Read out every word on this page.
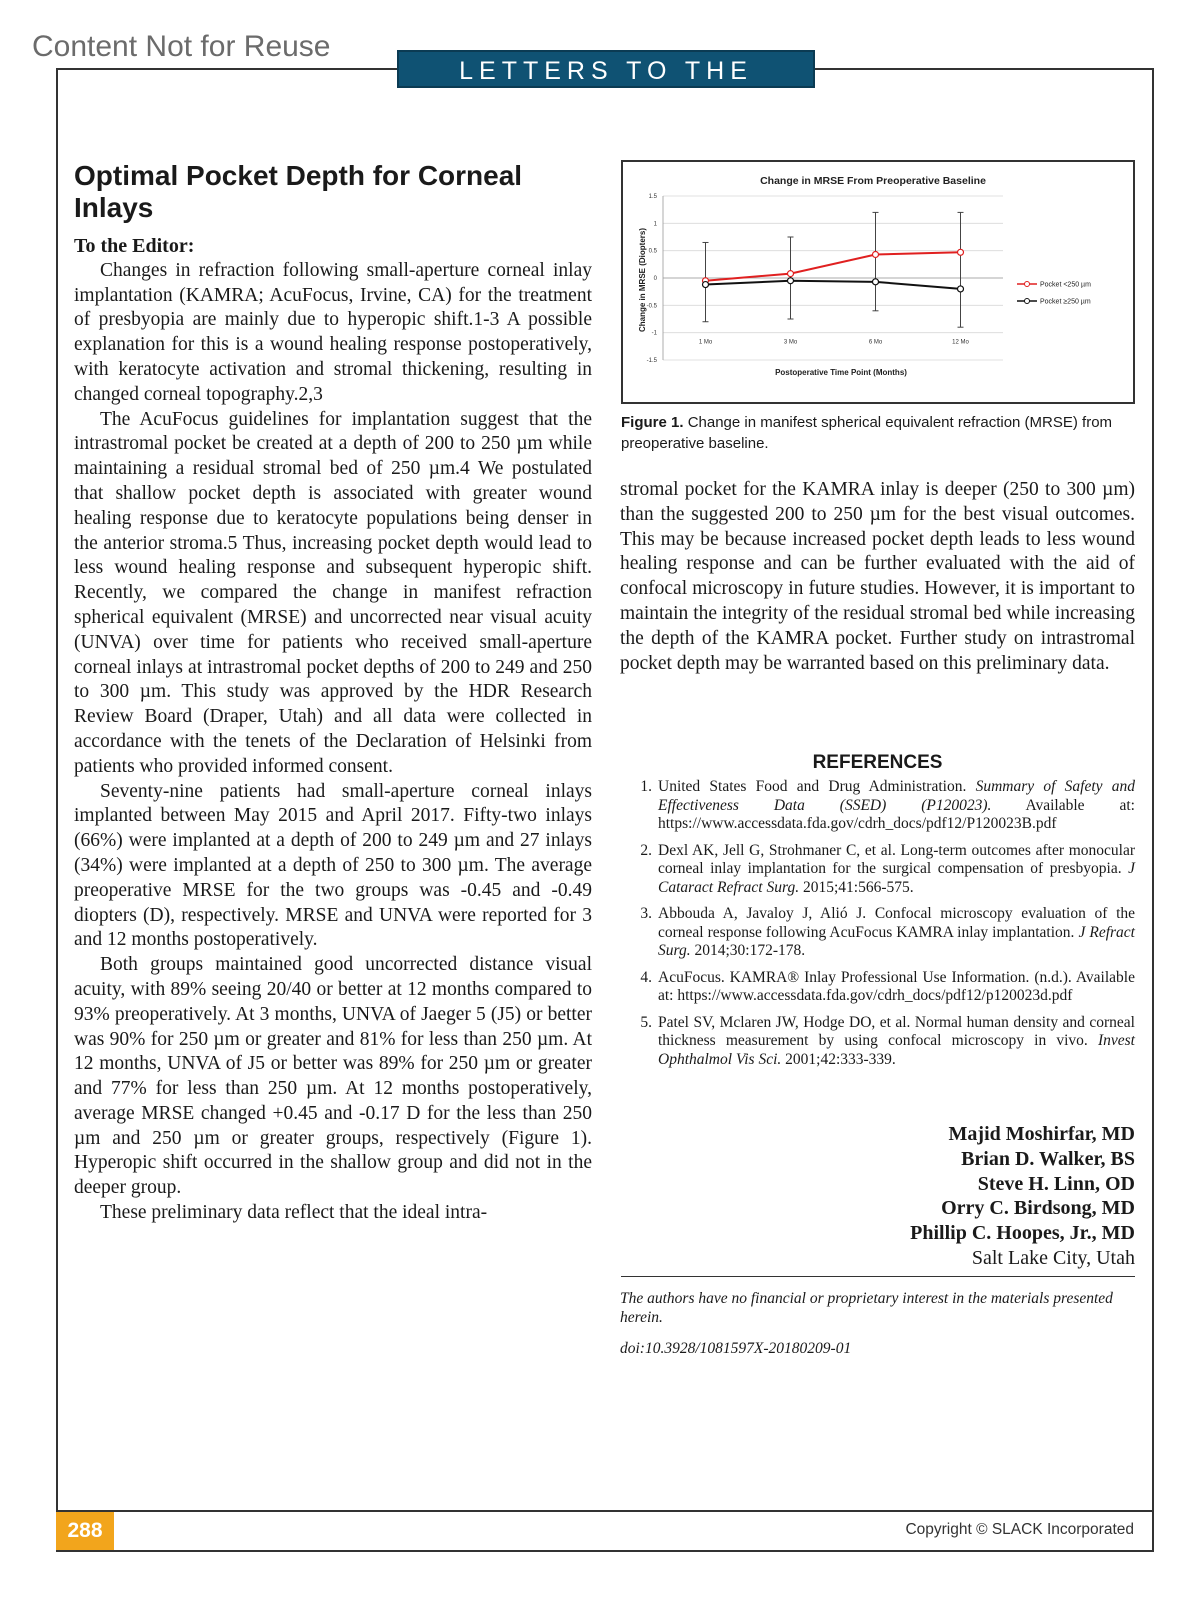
Content Not for Reuse
LETTERS TO THE EDITOR
Optimal Pocket Depth for Corneal Inlays

To the Editor:

Changes in refraction following small-aperture corneal inlay implantation (KAMRA; AcuFocus, Irvine, CA) for the treatment of presbyopia are mainly due to hyperopic shift.1-3 A possible explanation for this is a wound healing response postoperatively, with keratocyte activation and stromal thickening, resulting in changed corneal topography.2,3

The AcuFocus guidelines for implantation suggest that the intrastromal pocket be created at a depth of 200 to 250 µm while maintaining a residual stromal bed of 250 µm.4 We postulated that shallow pocket depth is associated with greater wound healing response due to keratocyte populations being denser in the anterior stroma.5 Thus, increasing pocket depth would lead to less wound healing response and subsequent hyperopic shift. Recently, we compared the change in manifest refraction spherical equivalent (MRSE) and uncorrected near visual acuity (UNVA) over time for patients who received small-aperture corneal inlays at intrastromal pocket depths of 200 to 249 and 250 to 300 µm. This study was approved by the HDR Research Review Board (Draper, Utah) and all data were collected in accordance with the tenets of the Declaration of Helsinki from patients who provided informed consent.

Seventy-nine patients had small-aperture corneal inlays implanted between May 2015 and April 2017. Fifty-two inlays (66%) were implanted at a depth of 200 to 249 µm and 27 inlays (34%) were implanted at a depth of 250 to 300 µm. The average preoperative MRSE for the two groups was -0.45 and -0.49 diopters (D), respectively. MRSE and UNVA were reported for 3 and 12 months postoperatively.

Both groups maintained good uncorrected distance visual acuity, with 89% seeing 20/40 or better at 12 months compared to 93% preoperatively. At 3 months, UNVA of Jaeger 5 (J5) or better was 90% for 250 µm or greater and 81% for less than 250 µm. At 12 months, UNVA of J5 or better was 89% for 250 µm or greater and 77% for less than 250 µm. At 12 months postoperatively, average MRSE changed +0.45 and -0.17 D for the less than 250 µm and 250 µm or greater groups, respectively (Figure 1). Hyperopic shift occurred in the shallow group and did not in the deeper group.

These preliminary data reflect that the ideal intra-

Change in MRSE From Preoperative Baseline
Change in MRSE (Diopters)
Postoperative Time Point (Months)
1.5
1
0.5
0
-0.5
-1
-1.5
1 Mo	3 Mo	6 Mo	12 Mo
Pocket <250 µm
Pocket ≥250 µm
Figure 1. Change in manifest spherical equivalent refraction (MRSE) from preoperative baseline.

stromal pocket for the KAMRA inlay is deeper (250 to 300 µm) than the suggested 200 to 250 µm for the best visual outcomes. This may be because increased pocket depth leads to less wound healing response and can be further evaluated with the aid of confocal microscopy in future studies. However, it is important to maintain the integrity of the residual stromal bed while increasing the depth of the KAMRA pocket. Further study on intrastromal pocket depth may be warranted based on this preliminary data.

REFERENCES
1. United States Food and Drug Administration. Summary of Safety and Effectiveness Data (SSED) (P120023). Available at: https://www.accessdata.fda.gov/cdrh_docs/pdf12/P120023B.pdf
2. Dexl AK, Jell G, Strohmaner C, et al. Long-term outcomes after monocular corneal inlay implantation for the surgical compensation of presbyopia. J Cataract Refract Surg. 2015;41:566-575.
3. Abbouda A, Javaloy J, Alió J. Confocal microscopy evaluation of the corneal response following AcuFocus KAMRA inlay implantation. J Refract Surg. 2014;30:172-178.
4. AcuFocus. KAMRA® Inlay Professional Use Information. (n.d.). Available at: https://www.accessdata.fda.gov/cdrh_docs/pdf12/p120023d.pdf
5. Patel SV, Mclaren JW, Hodge DO, et al. Normal human density and corneal thickness measurement by using confocal microscopy in vivo. Invest Ophthalmol Vis Sci. 2001;42:333-339.
Majid Moshirfar, MD
Brian D. Walker, BS
Steve H. Linn, OD
Orry C. Birdsong, MD
Phillip C. Hoopes, Jr., MD
Salt Lake City, Utah
The authors have no financial or proprietary interest in the materials presented herein.
doi:10.3928/1081597X-20180209-01
288	Copyright © SLACK Incorporated
